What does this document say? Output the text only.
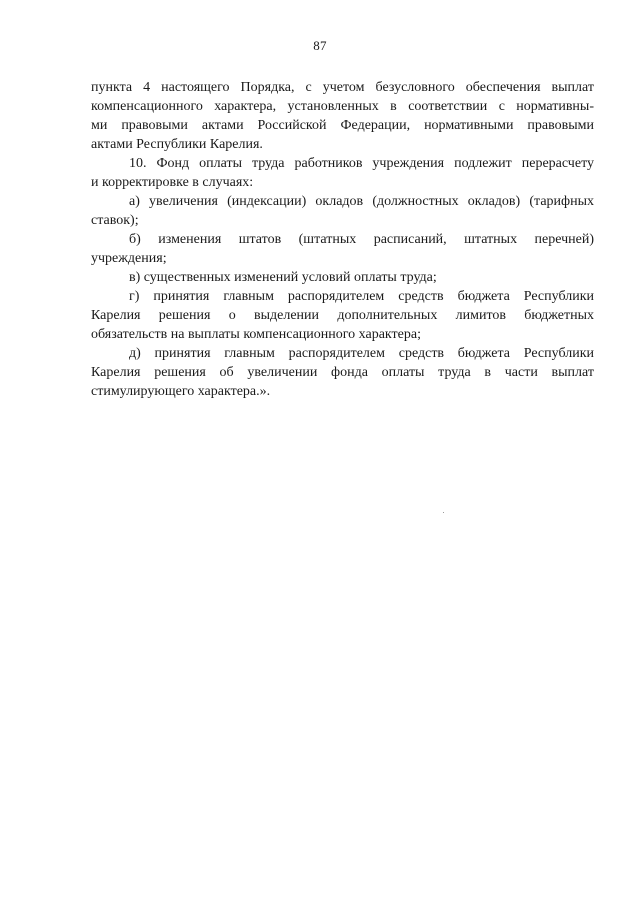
87

пункта 4 настоящего Порядка, с учетом безусловного обеспечения выплат
компенсационного характера, установленных в соответствии с нормативны-
ми правовыми актами Российской Федерации, нормативными правовыми
актами Республики Карелия.

10. Фонд оплаты труда работников учреждения подлежит перерасчету
и корректировке в случаях:

а) увеличения (индексации) окладов (должностных окладов) (тарифных
ставок);

б) изменения штатов (штатных расписаний, штатных перечней)
учреждения;

в) существенных изменений условий оплаты труда;

г) принятия главным распорядителем средств бюджета Республики
Карелия решения о выделении дополнительных лимитов бюджетных
обязательств на выплаты компенсационного характера;

д) принятия главным распорядителем средств бюджета Республики
Карелия решения об увеличении фонда оплаты труда в части выплат
стимулирующего характера.».
